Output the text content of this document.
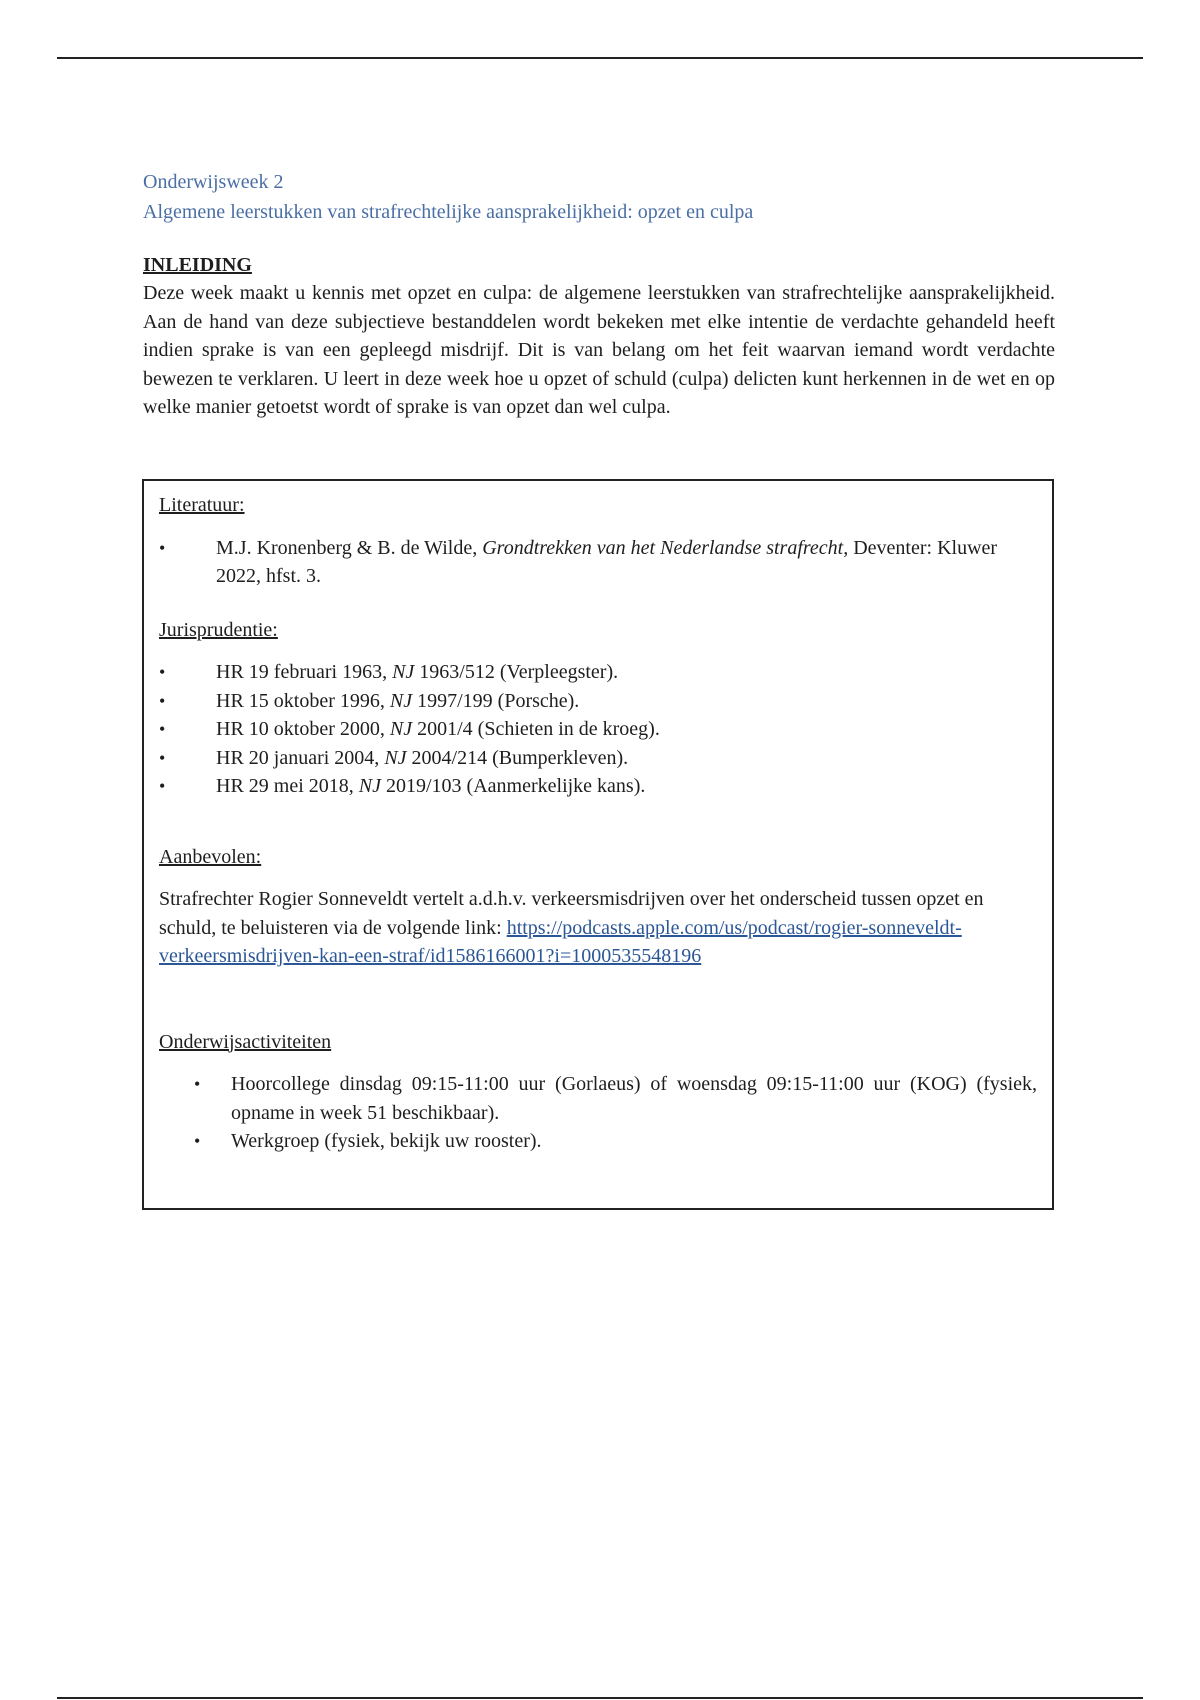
Onderwijsweek 2

Algemene leerstukken van strafrechtelijke aansprakelijkheid: opzet en culpa

INLEIDING

Deze week maakt u kennis met opzet en culpa: de algemene leerstukken van strafrechtelijke aansprakelijkheid. Aan de hand van deze subjectieve bestanddelen wordt bekeken met elke intentie de verdachte gehandeld heeft indien sprake is van een gepleegd misdrijf. Dit is van belang om het feit waarvan iemand wordt verdachte bewezen te verklaren. U leert in deze week hoe u opzet of schuld (culpa) delicten kunt herkennen in de wet en op welke manier getoetst wordt of sprake is van opzet dan wel culpa.

Literatuur:
•	M.J. Kronenberg & B. de Wilde, Grondtrekken van het Nederlandse strafrecht, Deventer: Kluwer 2022, hfst. 3.
Jurisprudentie:
•	HR 19 februari 1963, NJ 1963/512 (Verpleegster).
•	HR 15 oktober 1996, NJ 1997/199 (Porsche).
•	HR 10 oktober 2000, NJ 2001/4 (Schieten in de kroeg).
•	HR 20 januari 2004, NJ 2004/214 (Bumperkleven).
•	HR 29 mei 2018, NJ 2019/103 (Aanmerkelijke kans).
Aanbevolen:
Strafrechter Rogier Sonneveldt vertelt a.d.h.v. verkeersmisdrijven over het onderscheid tussen opzet en schuld, te beluisteren via de volgende link: https://podcasts.apple.com/us/podcast/rogier-sonneveldt-verkeersmisdrijven-kan-een-straf/id1586166001?i=1000535548196
Onderwijsactiviteiten
• Hoorcollege dinsdag 09:15-11:00 uur (Gorlaeus) of woensdag 09:15-11:00 uur (KOG) (fysiek, opname in week 51 beschikbaar).
• Werkgroep (fysiek, bekijk uw rooster).
